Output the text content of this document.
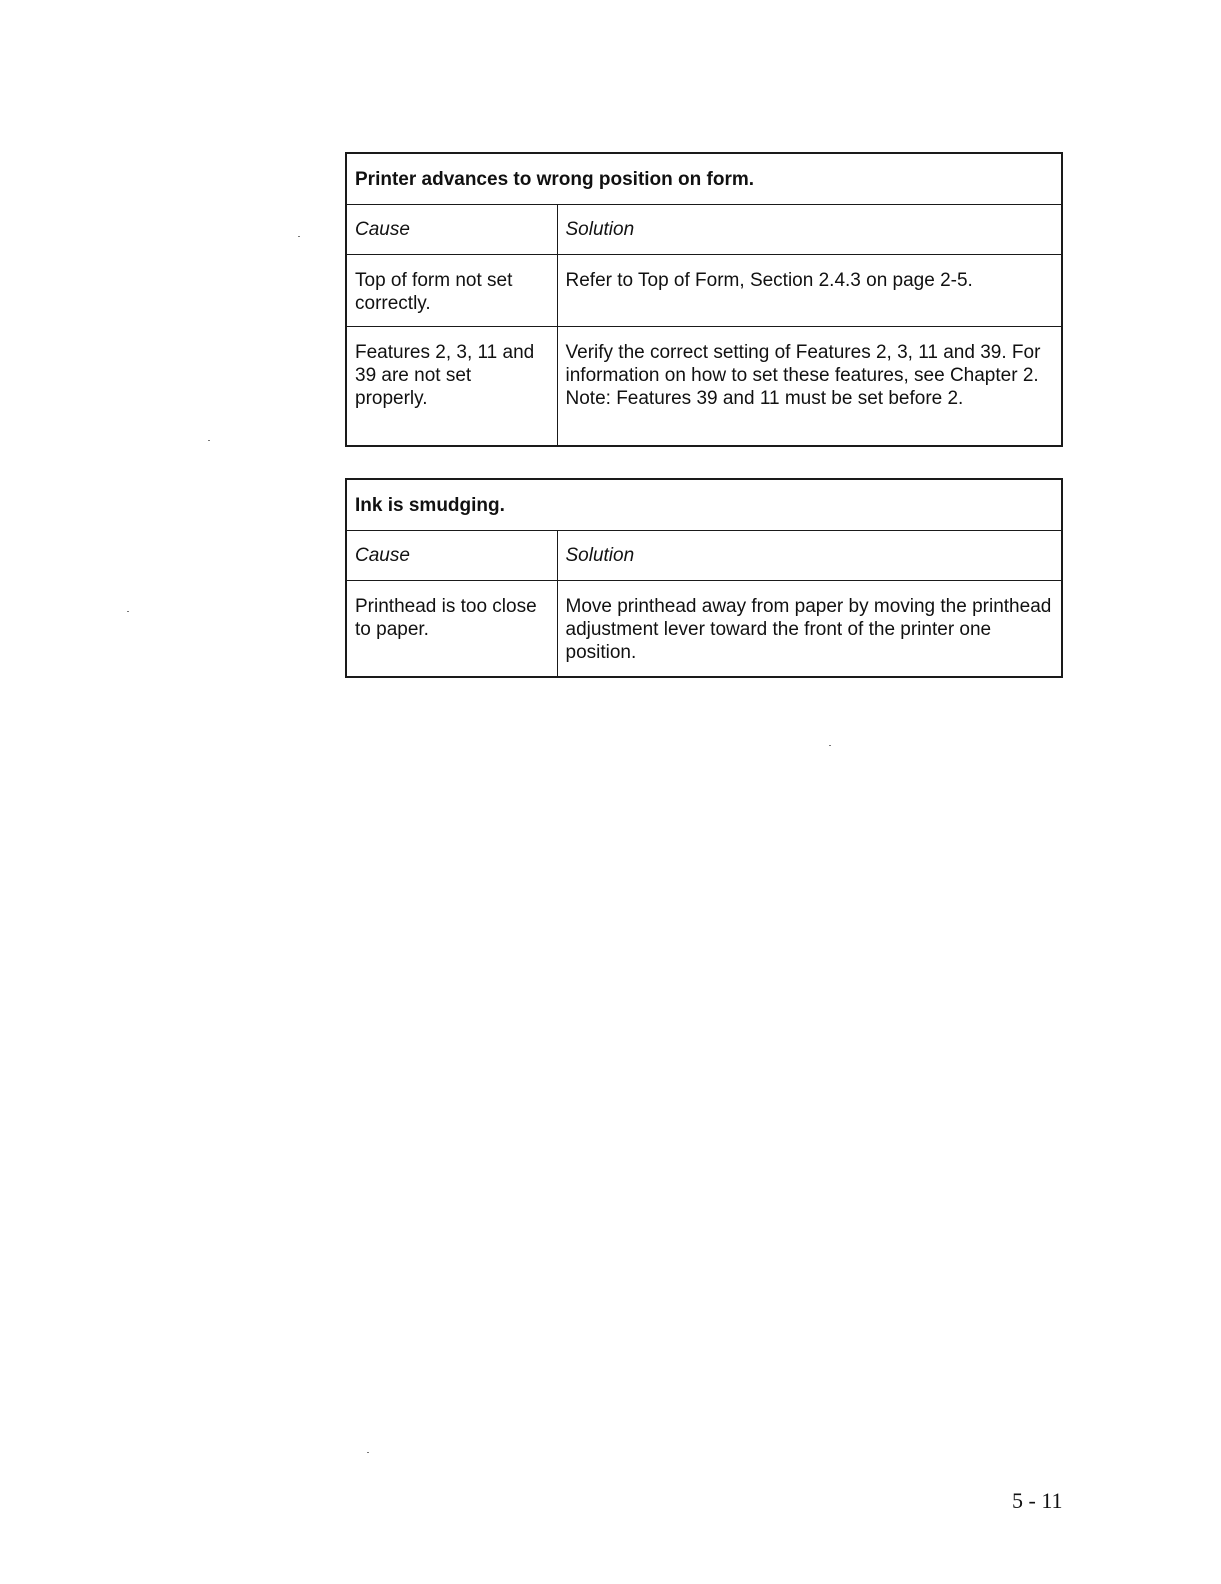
Printer advances to wrong position on form.	
Cause	Solution
Top of form not set correctly.	Refer to Top of Form, Section 2.4.3 on page 2-5.

Features 2, 3, 11 and 39 are not set properly.	Verify the correct setting of Features 2, 3, 11 and 39. For information on how to set these features, see Chapter 2.
Note: Features 39 and 11 must be set before 2.
Ink is smudging.	
Cause	Solution
Printhead is too close to paper.	Move printhead away from paper by moving the printhead adjustment lever toward the front of the printer one position.
5 - 11
